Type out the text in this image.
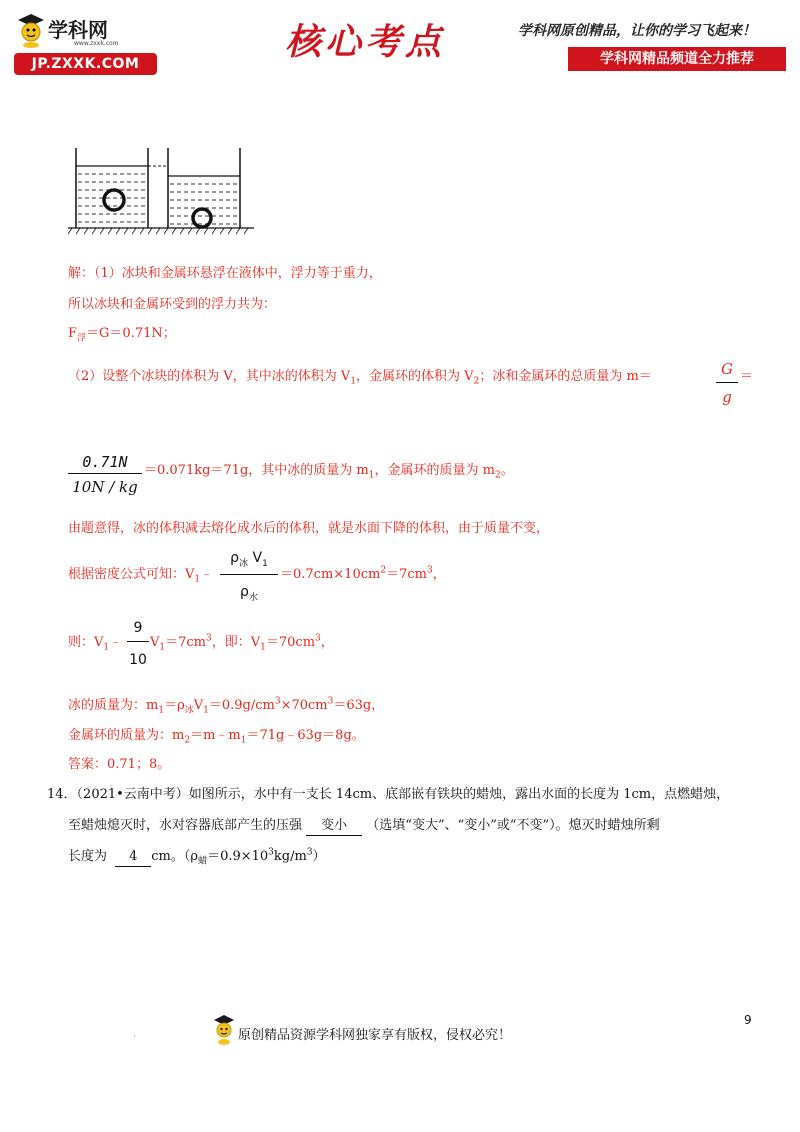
学科网
www.zxxk.com
JP.ZXXK.COM
核心考点	学科网原创精品，让你的学习飞起来！
学科网精品频道全力推荐
解：（1）冰块和金属环悬浮在液体中，浮力等于重力，
所以冰块和金属环受到的浮力共为：
$F_浮=G=0.71N$；
（2）设整个冰块的体积为 V，其中冰的体积为 $V_1$，金属环的体积为 $V_2$；冰和金属环的总质量为 m＝	G
g
＝
0.71N
10N / kg
＝0.071kg＝71g，其中冰的质量为 $m_1$，金属环的质量为 $m_2$。
由题意得，冰的体积减去熔化成水后的体积，就是水面下降的体积，由于质量不变，
根据密度公式可知：$V_1﹣$
$\rho_冰$ $V_1$
$\rho_水$
$=0.7cm\times 10cm^2=7cm^3$，
则：$V_1﹣$
9
10
$V_1=7cm^3$，即：$V_1=70cm^3$，
冰的质量为：$m_1=\rho_冰V_1=0.9g/cm^3\times 70cm^3=63g$，
金属环的质量为：$m_2=m﹣m_1=71g﹣63g=8g$。
答案：0.71；8。
14．（2021•云南中考）如图所示，水中有一支长 14cm、底部嵌有铁块的蜡烛，露出水面的长度为 1cm，点燃蜡烛，
至蜡烛熄灭时，水对容器底部产生的压强 变小 （选填“变大”、“变小”或“不变”）。熄灭时蜡烛所剩
长度为 4 cm。$(\rho_蜡=0.9\times 10^3kg/m^3)$
9
.	原创精品资源学科网独家享有版权，侵权必究！
